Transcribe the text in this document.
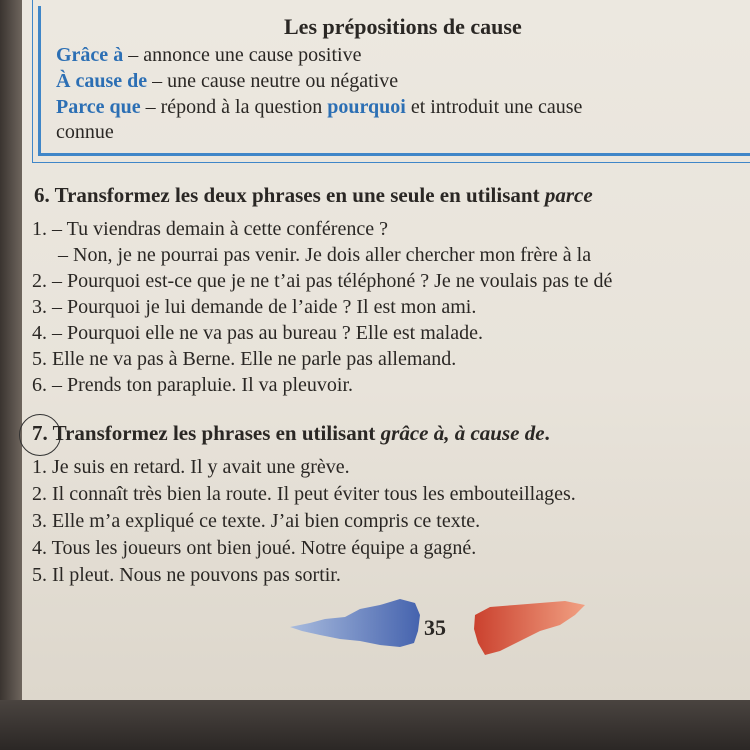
Les prépositions de cause
Grâce à – annonce une cause positive
À cause de – une cause neutre ou négative
Parce que – répond à la question pourquoi et introduit une cause
connue
6. Transformez les deux phrases en une seule en utilisant parce
1. – Tu viendras demain à cette conférence ?
– Non, je ne pourrai pas venir. Je dois aller chercher mon frère à la
2. – Pourquoi est-ce que je ne t’ai pas téléphoné ? Je ne voulais pas te dé
3. – Pourquoi je lui demande de l’aide ? Il est mon ami.
4. – Pourquoi elle ne va pas au bureau ? Elle est malade.
5. Elle ne va pas à Berne. Elle ne parle pas allemand.
6. – Prends ton parapluie. Il va pleuvoir.
7. Transformez les phrases en utilisant grâce à, à cause de.
1. Je suis en retard. Il y avait une grève.
2. Il connaît très bien la route. Il peut éviter tous les embouteillages.
3. Elle m’a expliqué ce texte. J’ai bien compris ce texte.
4. Tous les joueurs ont bien joué. Notre équipe a gagné.
5. Il pleut. Nous ne pouvons pas sortir.
35
